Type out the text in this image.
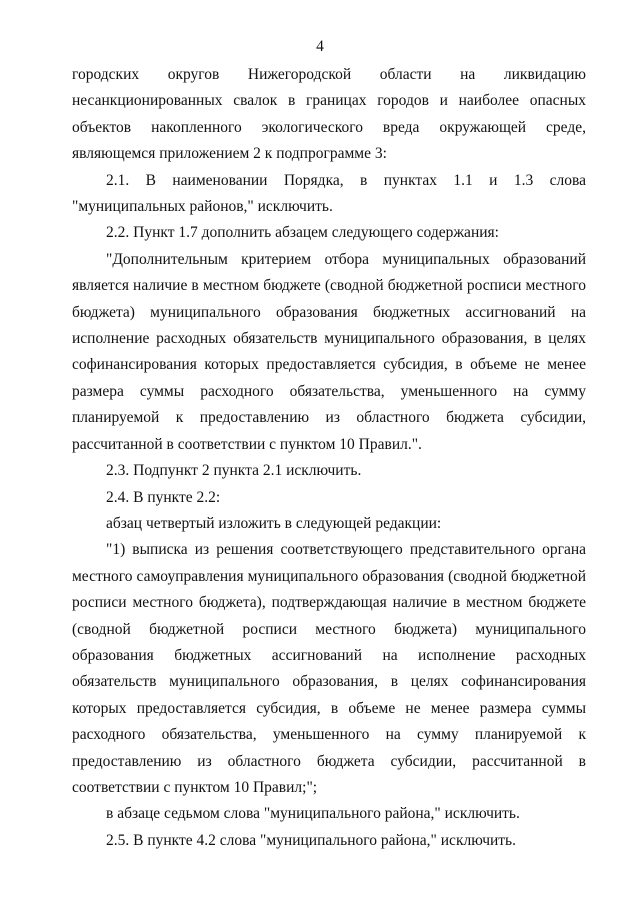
4

городских округов Нижегородской области на ликвидацию несанкционированных свалок в границах городов и наиболее опасных объектов накопленного экологического вреда окружающей среде, являющемся приложением 2 к подпрограмме 3:

2.1. В наименовании Порядка, в пунктах 1.1 и 1.3 слова "муниципальных районов," исключить.

2.2. Пункт 1.7 дополнить абзацем следующего содержания:

"Дополнительным критерием отбора муниципальных образований является наличие в местном бюджете (сводной бюджетной росписи местного бюджета) муниципального образования бюджетных ассигнований на исполнение расходных обязательств муниципального образования, в целях софинансирования которых предоставляется субсидия, в объеме не менее размера суммы расходного обязательства, уменьшенного на сумму планируемой к предоставлению из областного бюджета субсидии, рассчитанной в соответствии с пунктом 10 Правил.".

2.3. Подпункт 2 пункта 2.1 исключить.

2.4. В пункте 2.2:

абзац четвертый изложить в следующей редакции:

"1) выписка из решения соответствующего представительного органа местного самоуправления муниципального образования (сводной бюджетной росписи местного бюджета), подтверждающая наличие в местном бюджете (сводной бюджетной росписи местного бюджета) муниципального образования бюджетных ассигнований на исполнение расходных обязательств муниципального образования, в целях софинансирования которых предоставляется субсидия, в объеме не менее размера суммы расходного обязательства, уменьшенного на сумму планируемой к предоставлению из областного бюджета субсидии, рассчитанной в соответствии с пунктом 10 Правил;";

в абзаце седьмом слова "муниципального района," исключить.

2.5. В пункте 4.2 слова "муниципального района," исключить.
